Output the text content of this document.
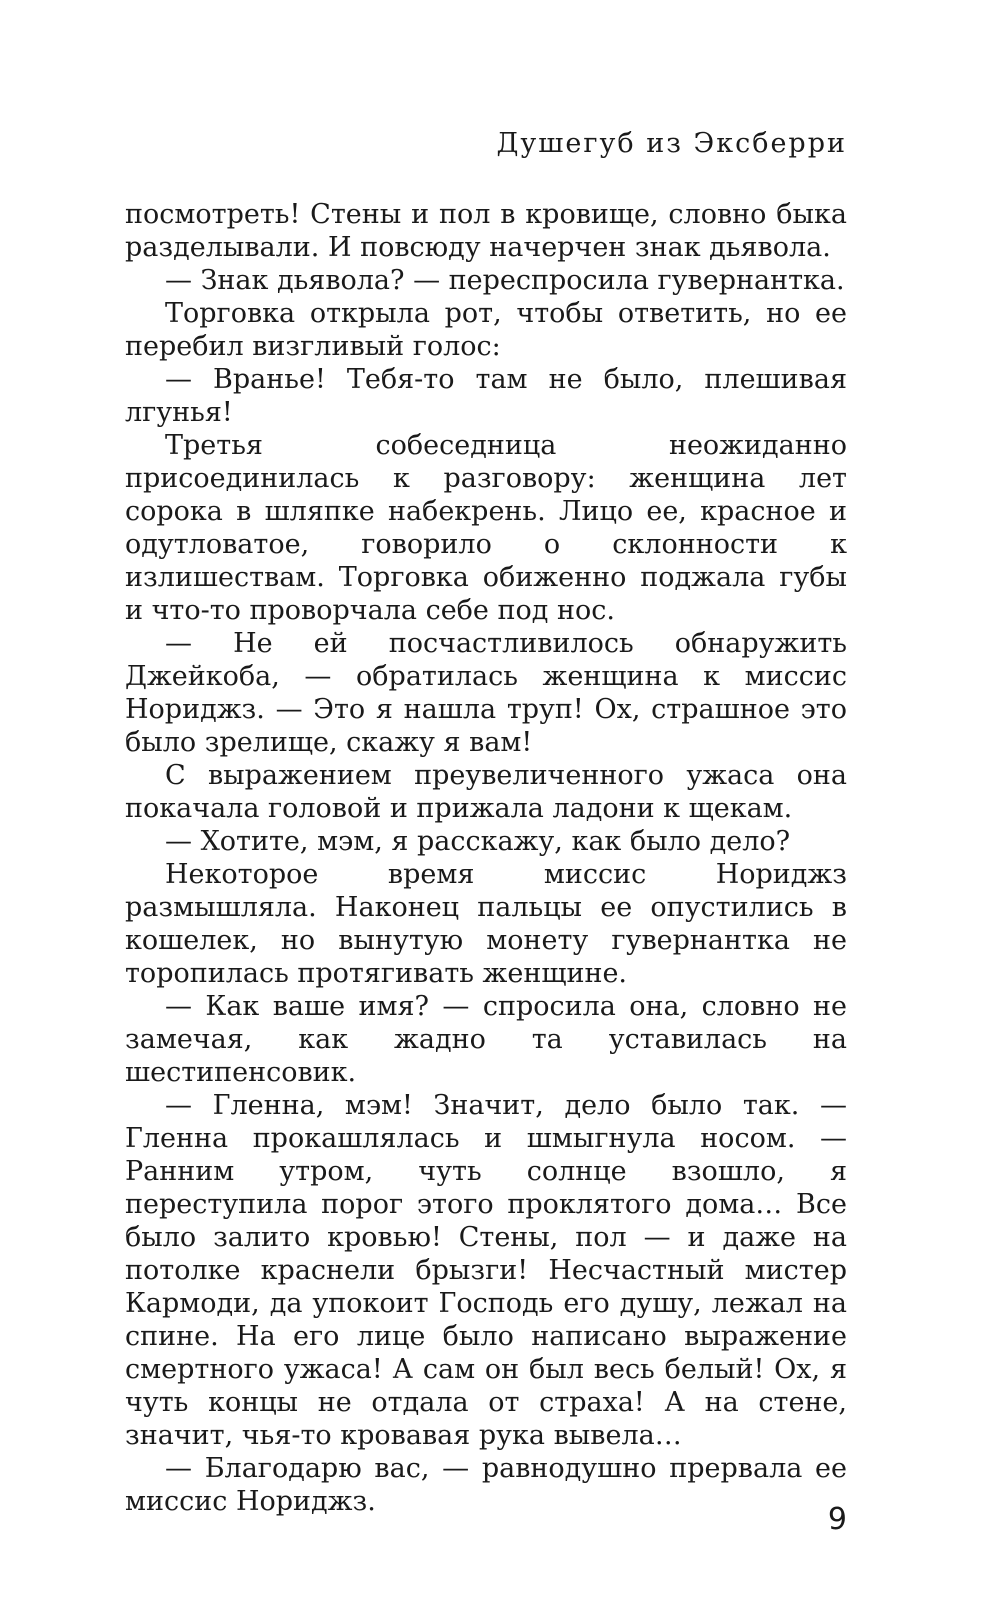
Душегуб из Эксберри

посмотреть! Стены и пол в кровище, словно быка разделывали. И повсюду начерчен знак дьявола.

— Знак дьявола? — переспросила гувернантка.

Торговка открыла рот, чтобы ответить, но ее перебил визгливый голос:

— Вранье! Тебя-то там не было, плешивая лгунья!

Третья собеседница неожиданно присоединилась к разговору: женщина лет сорока в шляпке набекрень. Лицо ее, красное и одутловатое, говорило о склонности к излишествам. Торговка обиженно поджала губы и что-то проворчала себе под нос.

— Не ей посчастливилось обнаружить Джейкоба, — обратилась женщина к миссис Нориджз. — Это я нашла труп! Ох, страшное это было зрелище, скажу я вам!

С выражением преувеличенного ужаса она покачала головой и прижала ладони к щекам.

— Хотите, мэм, я расскажу, как было дело?

Некоторое время миссис Нориджз размышляла. Наконец пальцы ее опустились в кошелек, но вынутую монету гувернантка не торопилась протягивать женщине.

— Как ваше имя? — спросила она, словно не замечая, как жадно та уставилась на шестипенсовик.

— Гленна, мэм! Значит, дело было так. — Гленна прокашлялась и шмыгнула носом. — Ранним утром, чуть солнце взошло, я переступила порог этого проклятого дома… Все было залито кровью! Стены, пол — и даже на потолке краснели брызги! Несчастный мистер Кармоди, да упокоит Господь его душу, лежал на спине. На его лице было написано выражение смертного ужаса! А сам он был весь белый! Ох, я чуть концы не отдала от страха! А на стене, значит, чья-то кровавая рука вывела…

— Благодарю вас, — равнодушно прервала ее миссис Нориджз.

9
